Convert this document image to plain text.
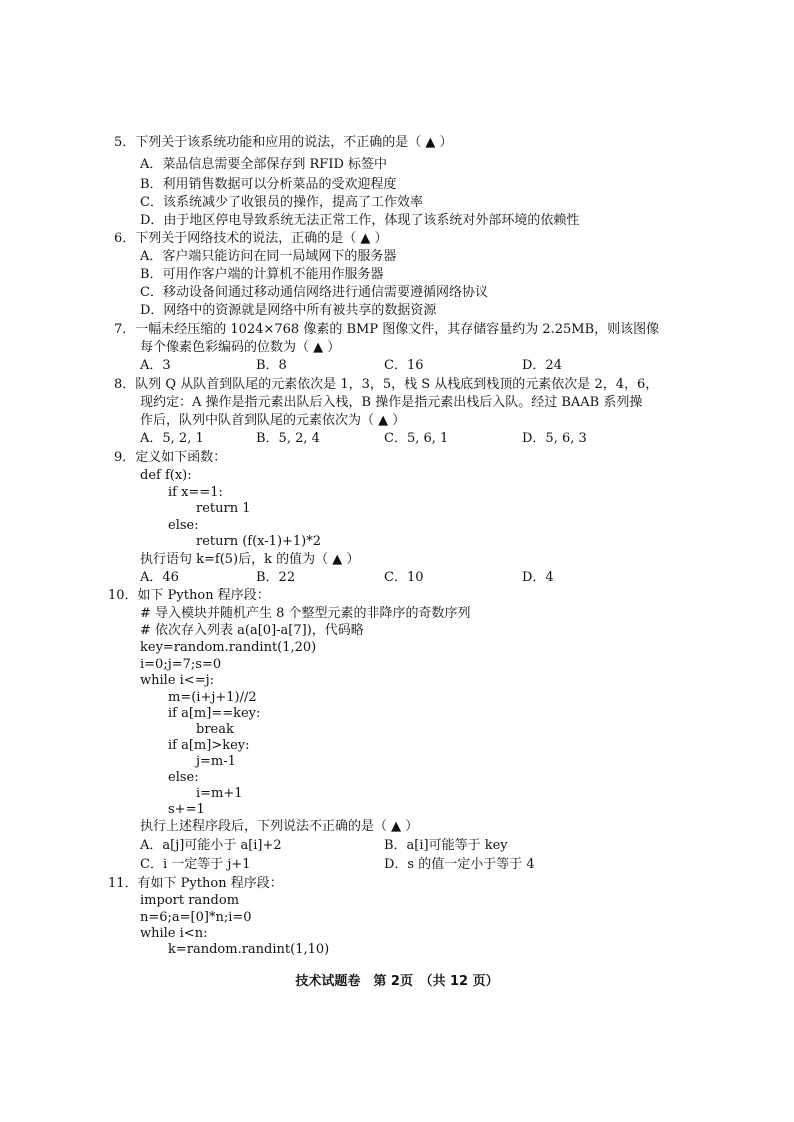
5．下列关于该系统功能和应用的说法，不正确的是（ ▲ ）
A．菜品信息需要全部保存到 RFID 标签中
B．利用销售数据可以分析菜品的受欢迎程度
C．该系统减少了收银员的操作，提高了工作效率
D．由于地区停电导致系统无法正常工作，体现了该系统对外部环境的依赖性
6．下列关于网络技术的说法，正确的是（ ▲ ）
A．客户端只能访问在同一局域网下的服务器
B．可用作客户端的计算机不能用作服务器
C．移动设备间通过移动通信网络进行通信需要遵循网络协议
D．网络中的资源就是网络中所有被共享的数据资源
7．一幅未经压缩的 1024×768 像素的 BMP 图像文件，其存储容量约为 2.25MB，则该图像
每个像素色彩编码的位数为（ ▲ ）
A．3	B．8	C．16	D．24
8．队列 Q 从队首到队尾的元素依次是 1，3，5，栈 S 从栈底到栈顶的元素依次是 2，4，6，
现约定：A 操作是指元素出队后入栈，B 操作是指元素出栈后入队。经过 BAAB 系列操
作后，队列中队首到队尾的元素依次为（ ▲ ）
A．5, 2, 1	B．5, 2, 4	C．5, 6, 1	D．5, 6, 3
9．定义如下函数：
def f(x):
if x==1:
return 1
else:
return (f(x-1)+1)*2
执行语句 k=f(5)后，k 的值为（ ▲ ）
A．46	B．22	C．10	D．4
10．如下 Python 程序段：
# 导入模块并随机产生 8 个整型元素的非降序的奇数序列
# 依次存入列表 a(a[0]-a[7])，代码略
key=random.randint(1,20)
i=0;j=7;s=0
while i<=j:
m=(i+j+1)//2
if a[m]==key:
break
if a[m]>key:
j=m-1
else:
i=m+1
s+=1
执行上述程序段后，下列说法不正确的是（ ▲ ）
A．a[j]可能小于 a[i]+2	B．a[i]可能等于 key
C．i 一定等于 j+1	D．s 的值一定小于等于 4
11．有如下 Python 程序段：
import random
n=6;a=[0]*n;i=0
while i<n:
k=random.randint(1,10)
技术试题卷　第 2页　（共 12 页）
